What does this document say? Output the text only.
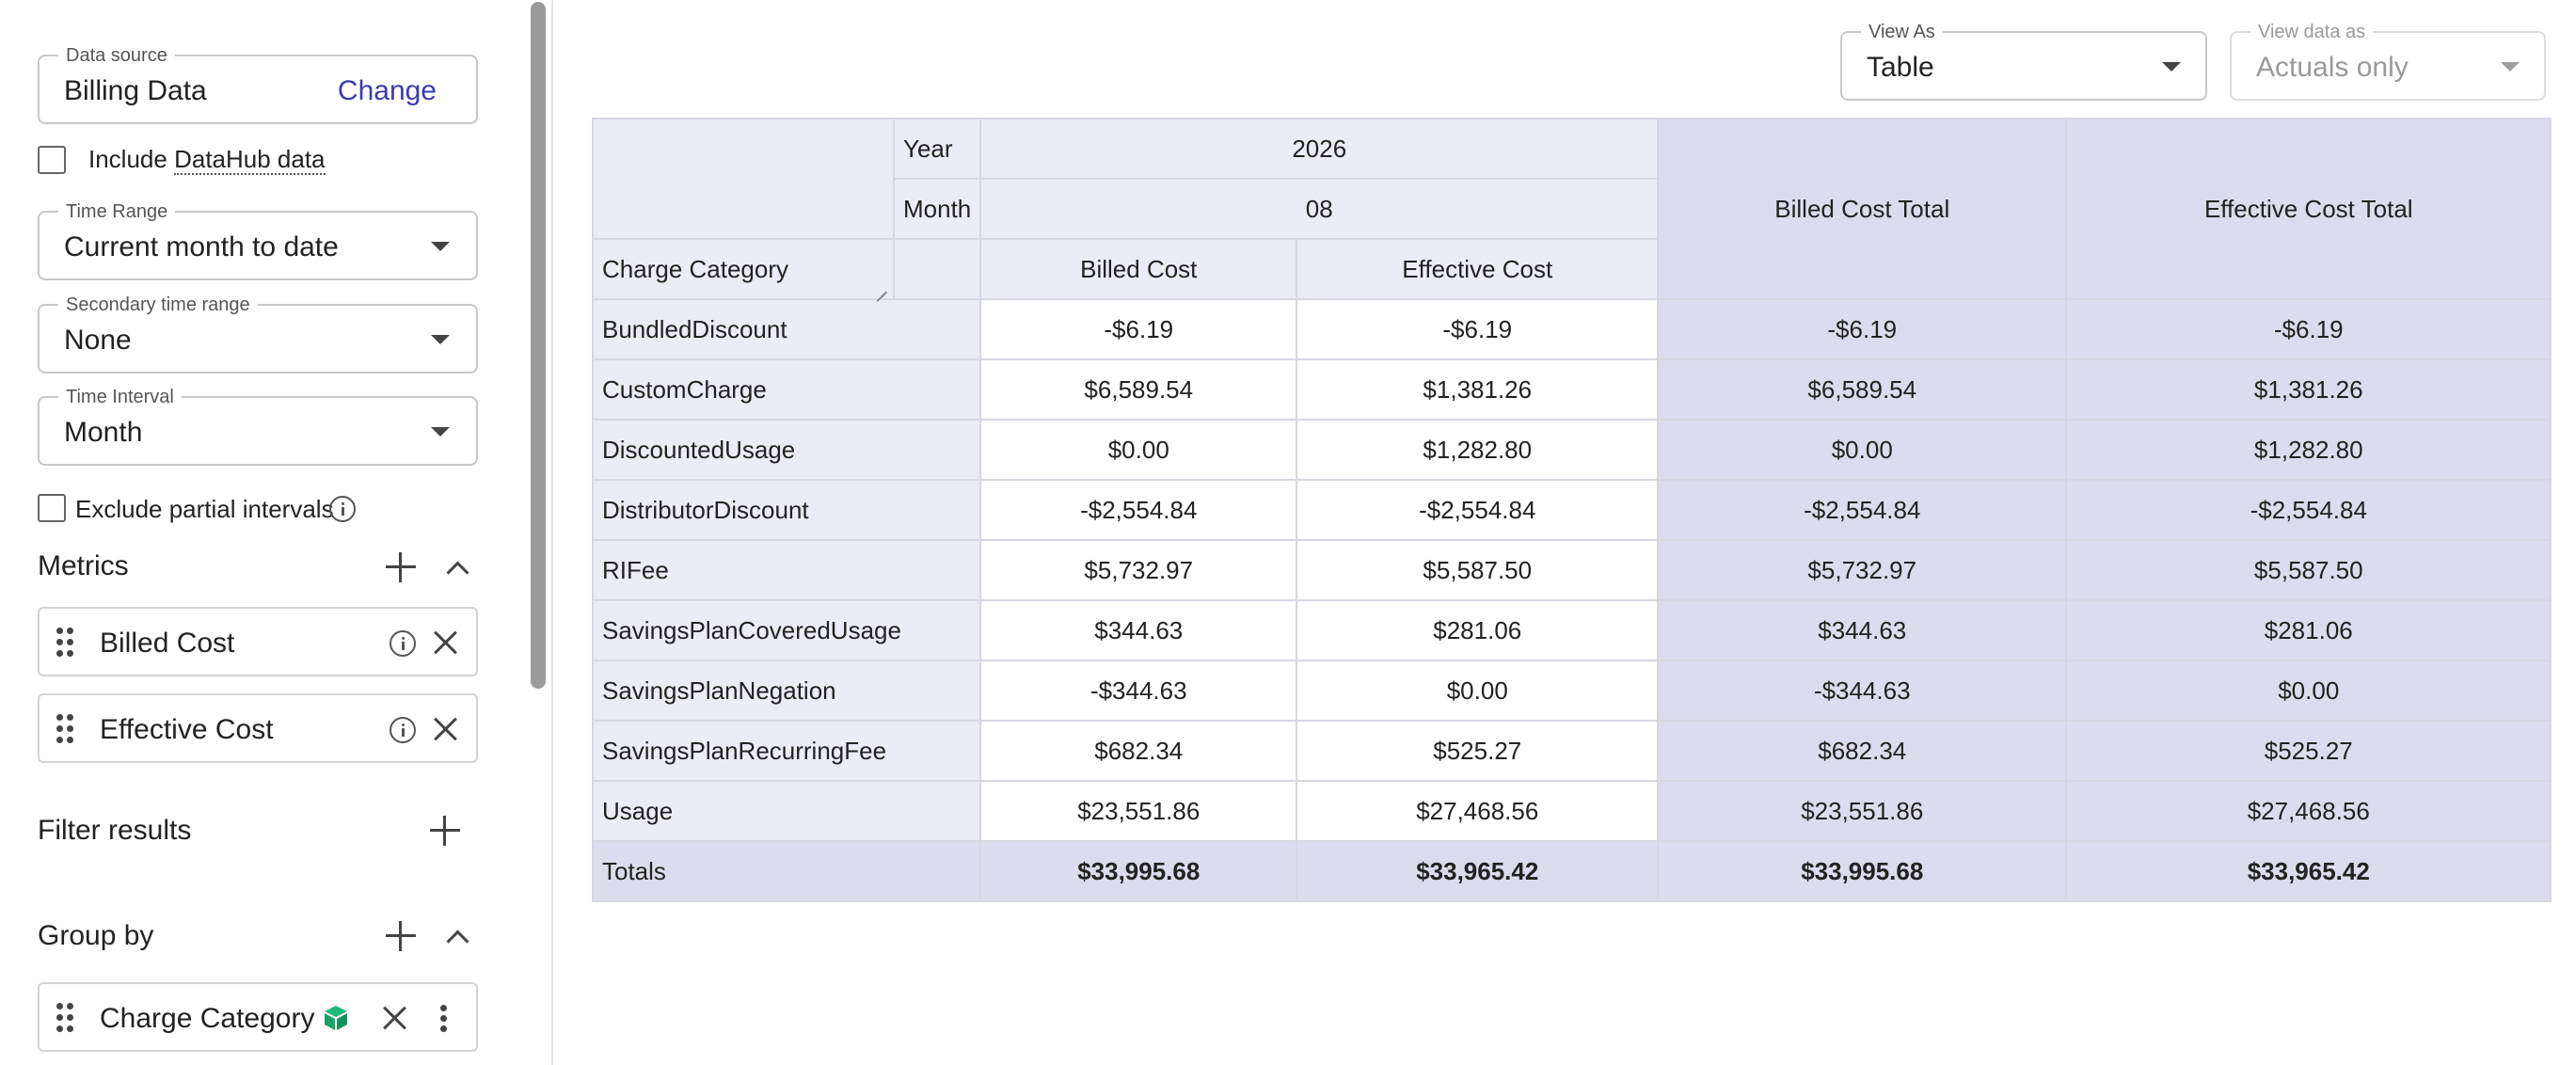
Data source
Billing Data	Change
Include DataHub data
Time Range
Current month to date
Secondary time range
None
Time Interval
Month
Exclude partial intervals
Metrics
Billed Cost
Effective Cost
Filter results
Group by
Charge Category
View As
Table
View data as
Actuals only
	Year	2026		Billed Cost Total	Effective Cost Total
	Month	08			
Charge Category		Billed Cost	Effective Cost		
BundledDiscount		-$6.19	-$6.19	-$6.19	-$6.19
CustomCharge		$6,589.54	$1,381.26	$6,589.54	$1,381.26
DiscountedUsage		$0.00	$1,282.80	$0.00	$1,282.80
DistributorDiscount		-$2,554.84	-$2,554.84	-$2,554.84	-$2,554.84
RIFee		$5,732.97	$5,587.50	$5,732.97	$5,587.50
SavingsPlanCoveredUsage		$344.63	$281.06	$344.63	$281.06
SavingsPlanNegation		-$344.63	$0.00	-$344.63	$0.00
SavingsPlanRecurringFee		$682.34	$525.27	$682.34	$525.27
Usage		$23,551.86	$27,468.56	$23,551.86	$27,468.56
Totals		$33,995.68	$33,965.42	$33,995.68	$33,965.42
